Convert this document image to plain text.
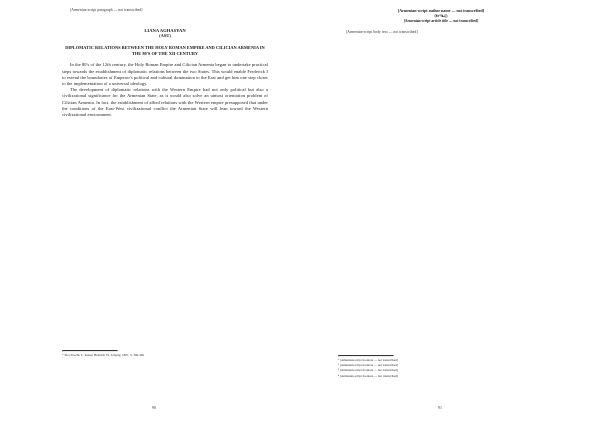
[Armenian-script paragraph — not transcribed]

LIANA AGHASYAN
(ASU)
DIPLOMATIC RELATIONS BETWEEN THE HOLY ROMAN EMPIRE AND CILICIAN ARMENIA IN THE 80'S OF THE XII CENTURY

In the 80's of the 12th century, the Holy Roman Empire and Cilician Armenia began to undertake practical steps towards the establishment of diplomatic relations between the two States. This would enable Frederick I to extend the boundaries of Emperor's political and cultural domination to the East and get him one step closer to the implementation of a universal ideology.

The development of diplomatic relations with the Western Empire had not only political but also a civilizational significance for the Armenian State, as it would also solve an utmost orientation problem of Cilician Armenia. In fact, the establishment of allied relations with the Western empire presupposed that under the conditions of the East-West civilizational conflict the Armenian State will lean toward the Western civilizational environment.

* Sk.v.Toeche T., Kaiser Heinrich VI, Leipzig, 1867, S. 369-396

90
[Armenian-script author name — not transcribed]
(ԵՊՀ)
[Armenian-script article title — not transcribed]

[Armenian-script body text — not transcribed]

¹ [Armenian-script footnote — not transcribed]

² [Armenian-script footnote — not transcribed]

³ [Armenian-script footnote — not transcribed]

⁴ [Armenian-script footnote — not transcribed]

91
